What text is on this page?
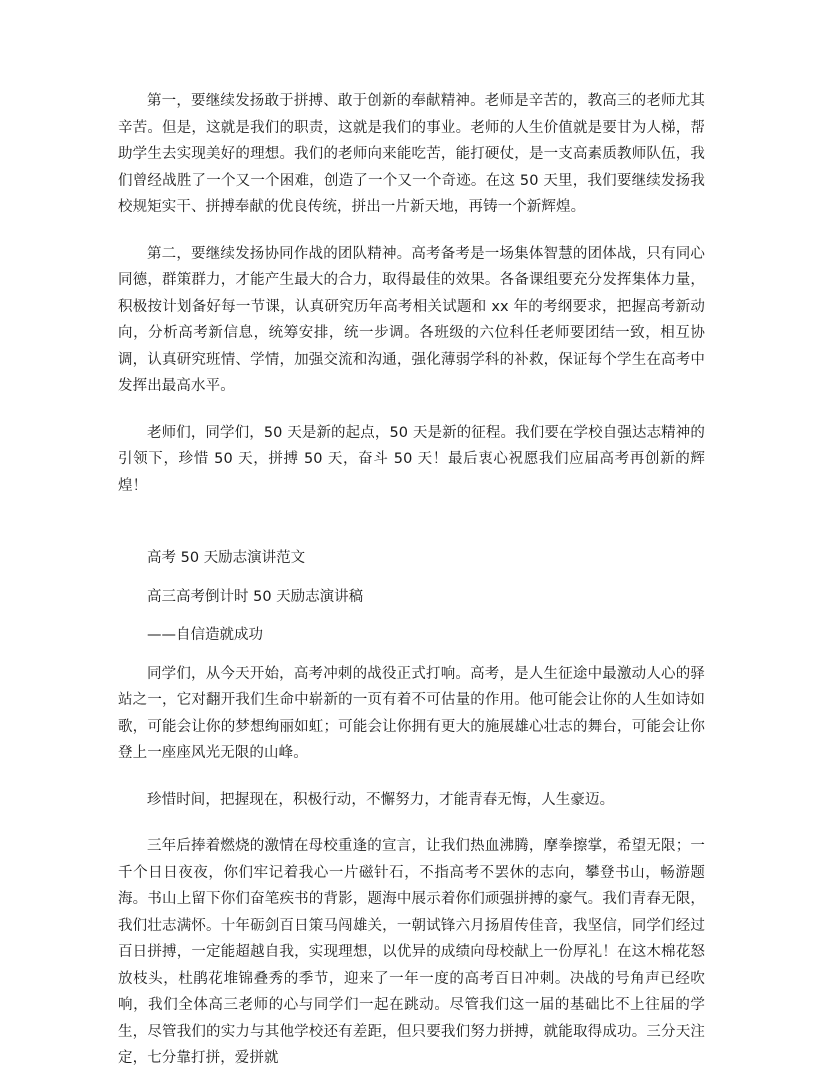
第一，要继续发扬敢于拼搏、敢于创新的奉献精神。老师是辛苦的，教高三的老师尤其辛苦。但是，这就是我们的职责，这就是我们的事业。老师的人生价值就是要甘为人梯，帮助学生去实现美好的理想。我们的老师向来能吃苦，能打硬仗，是一支高素质教师队伍，我们曾经战胜了一个又一个困难，创造了一个又一个奇迹。在这 50 天里，我们要继续发扬我校规矩实干、拼搏奉献的优良传统，拼出一片新天地，再铸一个新辉煌。

第二，要继续发扬协同作战的团队精神。高考备考是一场集体智慧的团体战，只有同心同德，群策群力，才能产生最大的合力，取得最佳的效果。各备课组要充分发挥集体力量，积极按计划备好每一节课，认真研究历年高考相关试题和 xx 年的考纲要求，把握高考新动向，分析高考新信息，统筹安排，统一步调。各班级的六位科任老师要团结一致，相互协调，认真研究班情、学情，加强交流和沟通，强化薄弱学科的补救，保证每个学生在高考中发挥出最高水平。

老师们，同学们，50 天是新的起点，50 天是新的征程。我们要在学校自强达志精神的引领下，珍惜 50 天，拼搏 50 天，奋斗 50 天！最后衷心祝愿我们应届高考再创新的辉煌！

高考 50 天励志演讲范文

高三高考倒计时 50 天励志演讲稿

——自信造就成功

同学们，从今天开始，高考冲刺的战役正式打响。高考，是人生征途中最激动人心的驿站之一，它对翻开我们生命中崭新的一页有着不可估量的作用。他可能会让你的人生如诗如歌，可能会让你的梦想绚丽如虹；可能会让你拥有更大的施展雄心壮志的舞台，可能会让你登上一座座风光无限的山峰。

珍惜时间，把握现在，积极行动，不懈努力，才能青春无悔，人生豪迈。

三年后捧着燃烧的激情在母校重逢的宣言，让我们热血沸腾，摩拳擦掌，希望无限；一千个日日夜夜，你们牢记着我心一片磁针石，不指高考不罢休的志向，攀登书山，畅游题海。书山上留下你们奋笔疾书的背影，题海中展示着你们顽强拼搏的豪气。我们青春无限，我们壮志满怀。十年砺剑百日策马闯雄关，一朝试锋六月扬眉传佳音，我坚信，同学们经过百日拼搏，一定能超越自我，实现理想，以优异的成绩向母校献上一份厚礼！在这木棉花怒放枝头，杜鹃花堆锦叠秀的季节，迎来了一年一度的高考百日冲刺。决战的号角声已经吹响，我们全体高三老师的心与同学们一起在跳动。尽管我们这一届的基础比不上往届的学生，尽管我们的实力与其他学校还有差距，但只要我们努力拼搏，就能取得成功。三分天注定，七分靠打拼，爱拼就
